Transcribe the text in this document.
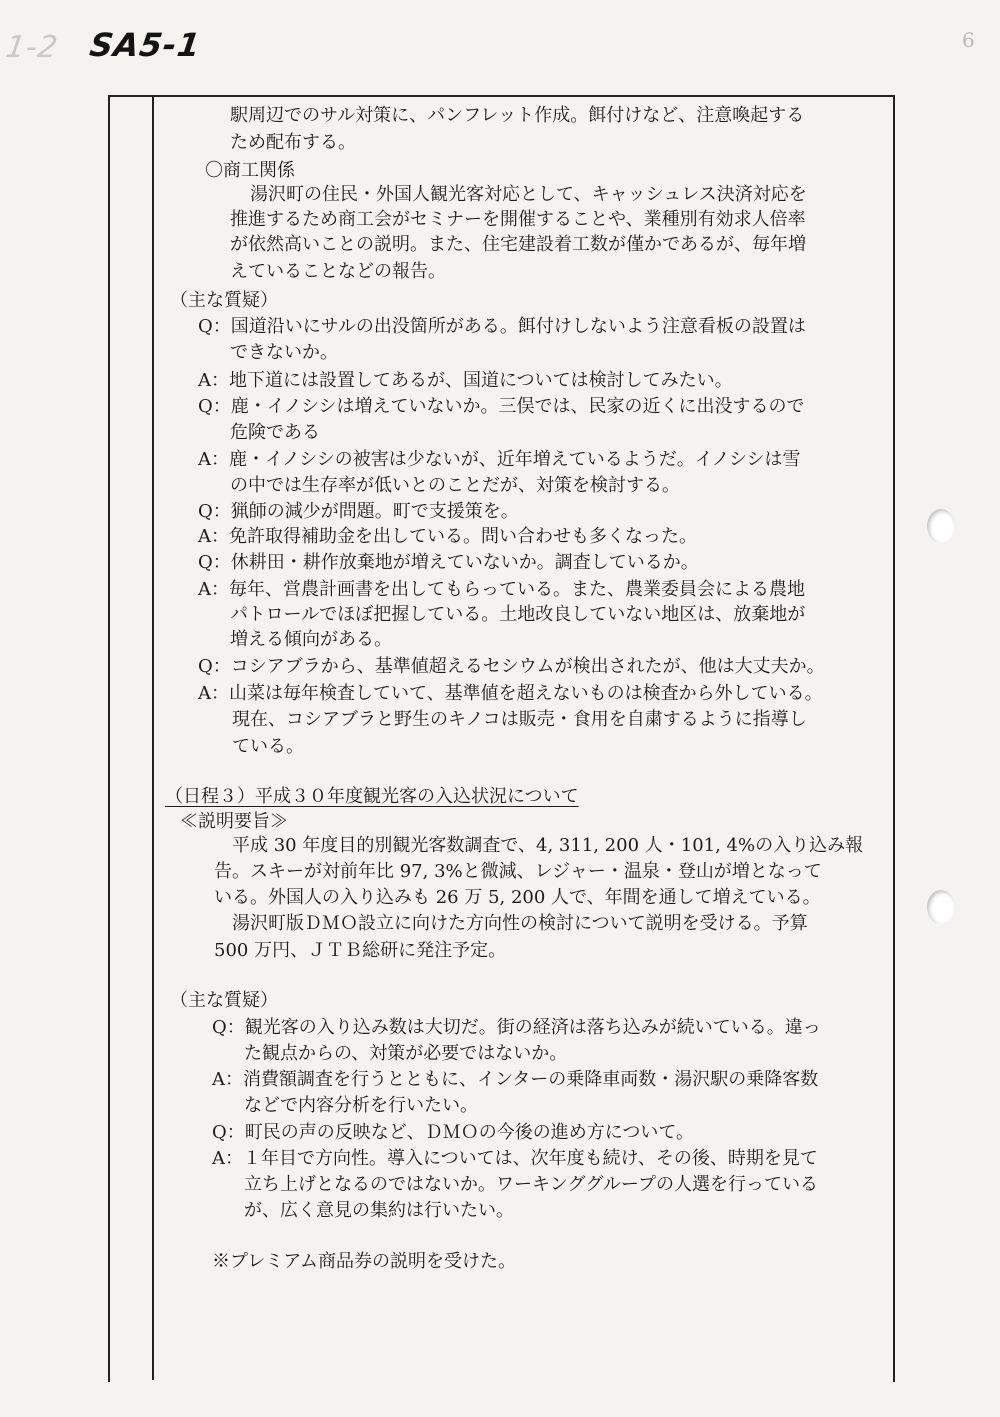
1-2 SA5-1	6
駅周辺でのサル対策に、パンフレット作成。餌付けなど、注意喚起する
ため配布する。
〇商工関係
湯沢町の住民・外国人観光客対応として、キャッシュレス決済対応を
推進するため商工会がセミナーを開催することや、業種別有効求人倍率
が依然高いことの説明。また、住宅建設着工数が僅かであるが、毎年増
えていることなどの報告。
（主な質疑）
Q：国道沿いにサルの出没箇所がある。餌付けしないよう注意看板の設置は
できないか。
A：地下道には設置してあるが、国道については検討してみたい。
Q：鹿・イノシシは増えていないか。三俣では、民家の近くに出没するので
危険である
A：鹿・イノシシの被害は少ないが、近年増えているようだ。イノシシは雪
の中では生存率が低いとのことだが、対策を検討する。
Q：猟師の減少が問題。町で支援策を。
A：免許取得補助金を出している。問い合わせも多くなった。
Q：休耕田・耕作放棄地が増えていないか。調査しているか。
A：毎年、営農計画書を出してもらっている。また、農業委員会による農地
パトロールでほぼ把握している。土地改良していない地区は、放棄地が
増える傾向がある。
Q：コシアブラから、基準値超えるセシウムが検出されたが、他は大丈夫か。
A：山菜は毎年検査していて、基準値を超えないものは検査から外している。
現在、コシアブラと野生のキノコは販売・食用を自粛するように指導し
ている。
（日程３）平成３０年度観光客の入込状況について
≪説明要旨≫
平成 30 年度目的別観光客数調査で、4, 311, 200 人・101, 4%の入り込み報
告。スキーが対前年比 97, 3%と微減、レジャー・温泉・登山が増となって
いる。外国人の入り込みも 26 万 5, 200 人で、年間を通して増えている。
湯沢町版ＤＭＯ設立に向けた方向性の検討について説明を受ける。予算
500 万円、ＪＴＢ総研に発注予定。
（主な質疑）
Q：観光客の入り込み数は大切だ。街の経済は落ち込みが続いている。違っ
た観点からの、対策が必要ではないか。
A：消費額調査を行うとともに、インターの乗降車両数・湯沢駅の乗降客数
などで内容分析を行いたい。
Q：町民の声の反映など、ＤＭＯの今後の進め方について。
A：１年目で方向性。導入については、次年度も続け、その後、時期を見て
立ち上げとなるのではないか。ワーキンググループの人選を行っている
が、広く意見の集約は行いたい。
※プレミアム商品券の説明を受けた。
